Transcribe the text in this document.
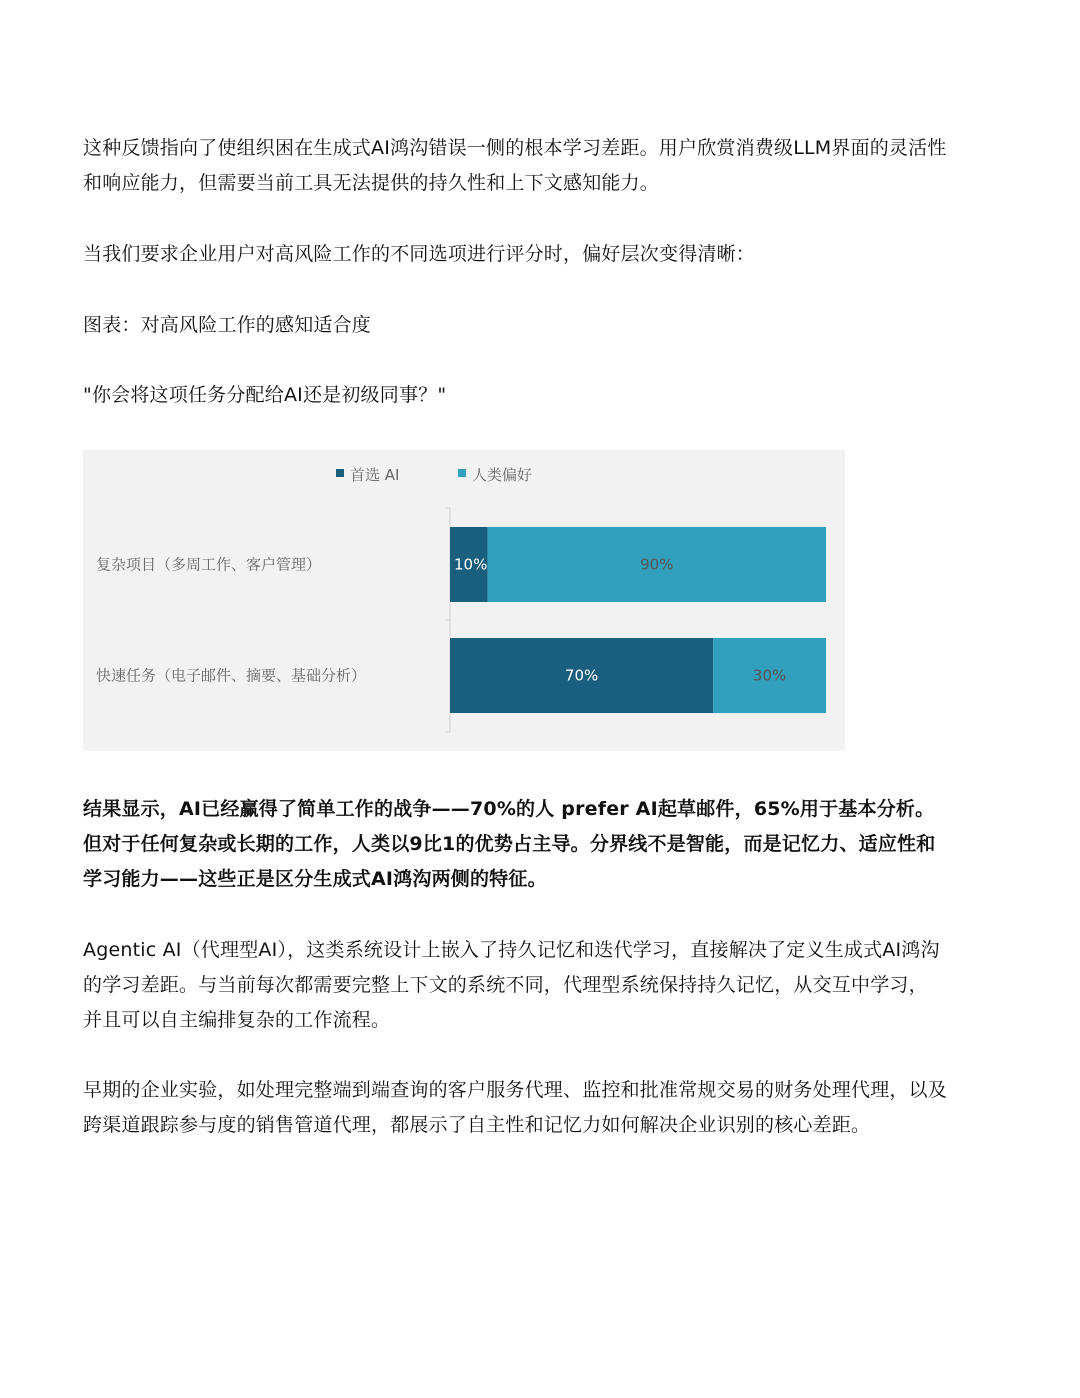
这种反馈指向了使组织困在生成式AI鸿沟错误一侧的根本学习差距。用户欣赏消费级LLM界面的灵活性和响应能力，但需要当前工具无法提供的持久性和上下文感知能力。

当我们要求企业用户对高风险工作的不同选项进行评分时，偏好层次变得清晰：

图表：对高风险工作的感知适合度

"你会将这项任务分配给AI还是初级同事？"

首选 AI	人类偏好
复杂项目（多周工作、客户管理）	10%	90%
快速任务（电子邮件、摘要、基础分析）	70%	30%

结果显示，AI已经赢得了简单工作的战争——70%的人 prefer AI起草邮件，65%用于基本分析。但对于任何复杂或长期的工作，人类以9比1的优势占主导。分界线不是智能，而是记忆力、适应性和学习能力——这些正是区分生成式AI鸿沟两侧的特征。

Agentic AI（代理型AI），这类系统设计上嵌入了持久记忆和迭代学习，直接解决了定义生成式AI鸿沟的学习差距。与当前每次都需要完整上下文的系统不同，代理型系统保持持久记忆，从交互中学习，并且可以自主编排复杂的工作流程。

早期的企业实验，如处理完整端到端查询的客户服务代理、监控和批准常规交易的财务处理代理，以及跨渠道跟踪参与度的销售管道代理，都展示了自主性和记忆力如何解决企业识别的核心差距。
